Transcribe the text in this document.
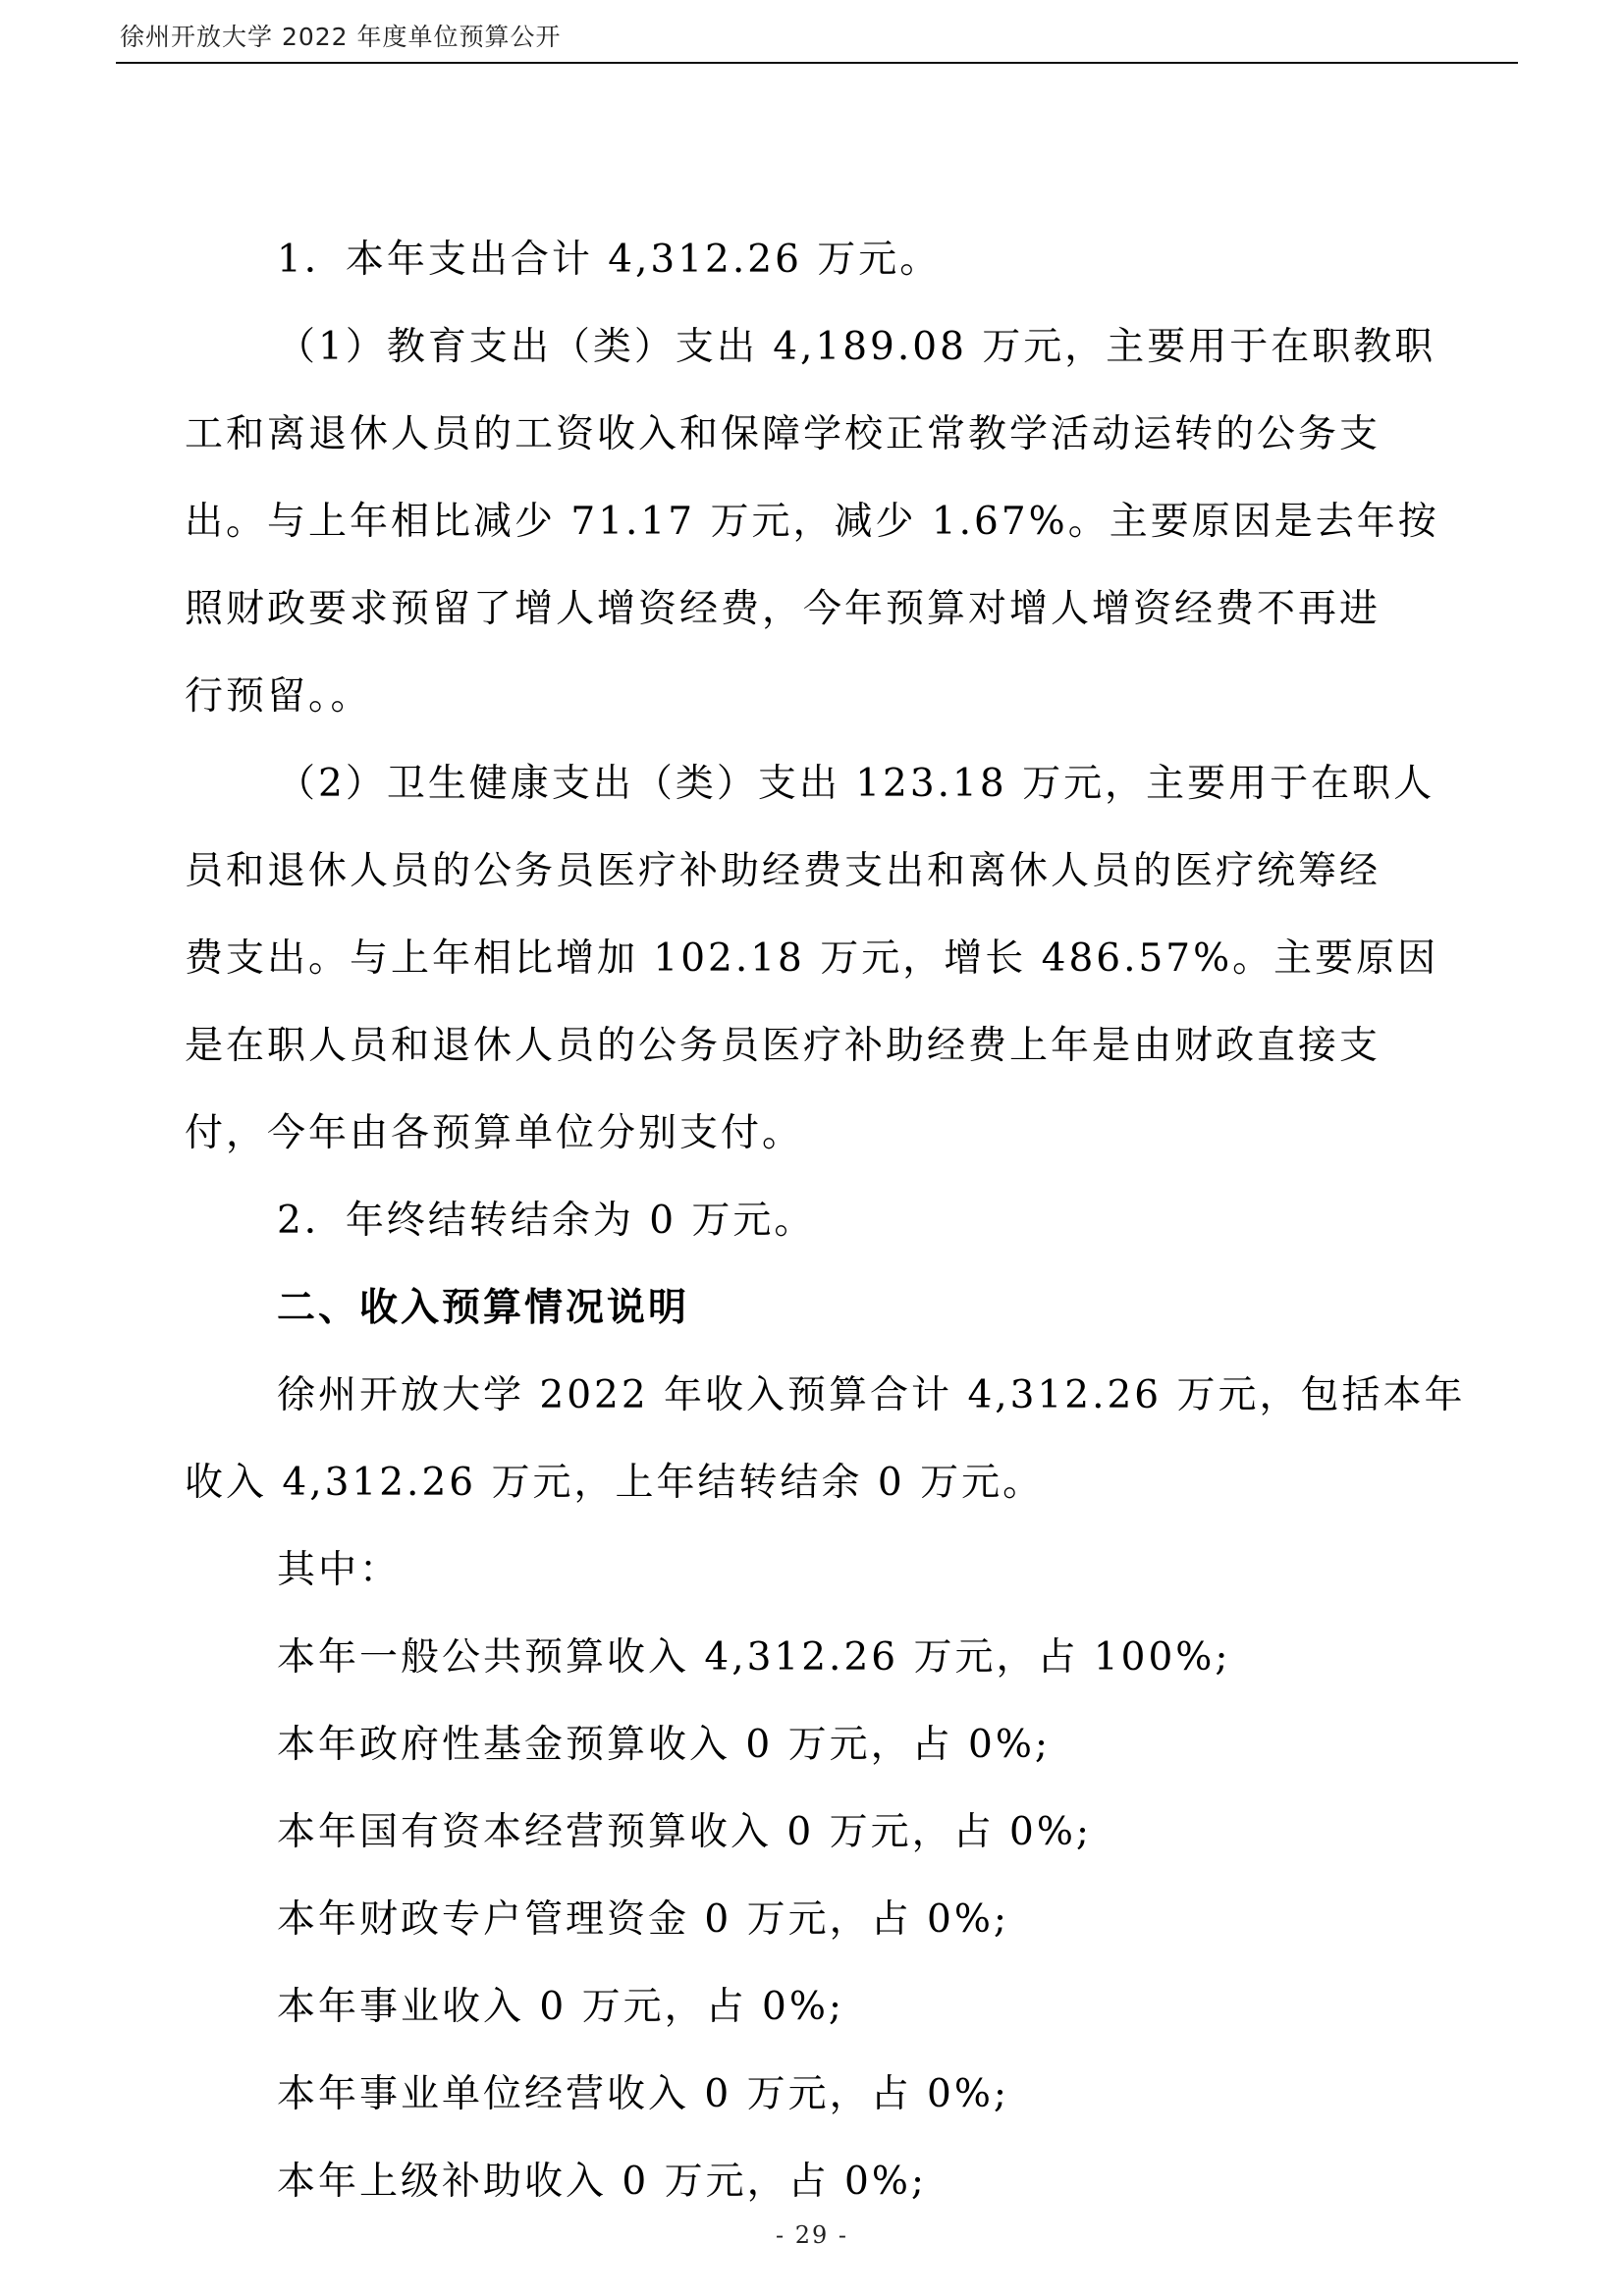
徐州开放大学 2022 年度单位预算公开
1．本年支出合计 4,312.26 万元。
（1）教育支出（类）支出 4,189.08 万元，主要用于在职教职
工和离退休人员的工资收入和保障学校正常教学活动运转的公务支
出。与上年相比减少 71.17 万元，减少 1.67%。主要原因是去年按
照财政要求预留了增人增资经费，今年预算对增人增资经费不再进
行预留。。
（2）卫生健康支出（类）支出 123.18 万元，主要用于在职人
员和退休人员的公务员医疗补助经费支出和离休人员的医疗统筹经
费支出。与上年相比增加 102.18 万元，增长 486.57%。主要原因
是在职人员和退休人员的公务员医疗补助经费上年是由财政直接支
付，今年由各预算单位分别支付。
2．年终结转结余为 0 万元。
二、收入预算情况说明
徐州开放大学 2022 年收入预算合计 4,312.26 万元，包括本年
收入 4,312.26 万元，上年结转结余 0 万元。
其中：
本年一般公共预算收入 4,312.26 万元，占 100%;
本年政府性基金预算收入 0 万元，占 0%;
本年国有资本经营预算收入 0 万元，占 0%;
本年财政专户管理资金 0 万元，占 0%;
本年事业收入 0 万元，占 0%;
本年事业单位经营收入 0 万元，占 0%;
本年上级补助收入 0 万元，占 0%;
- 29 -
